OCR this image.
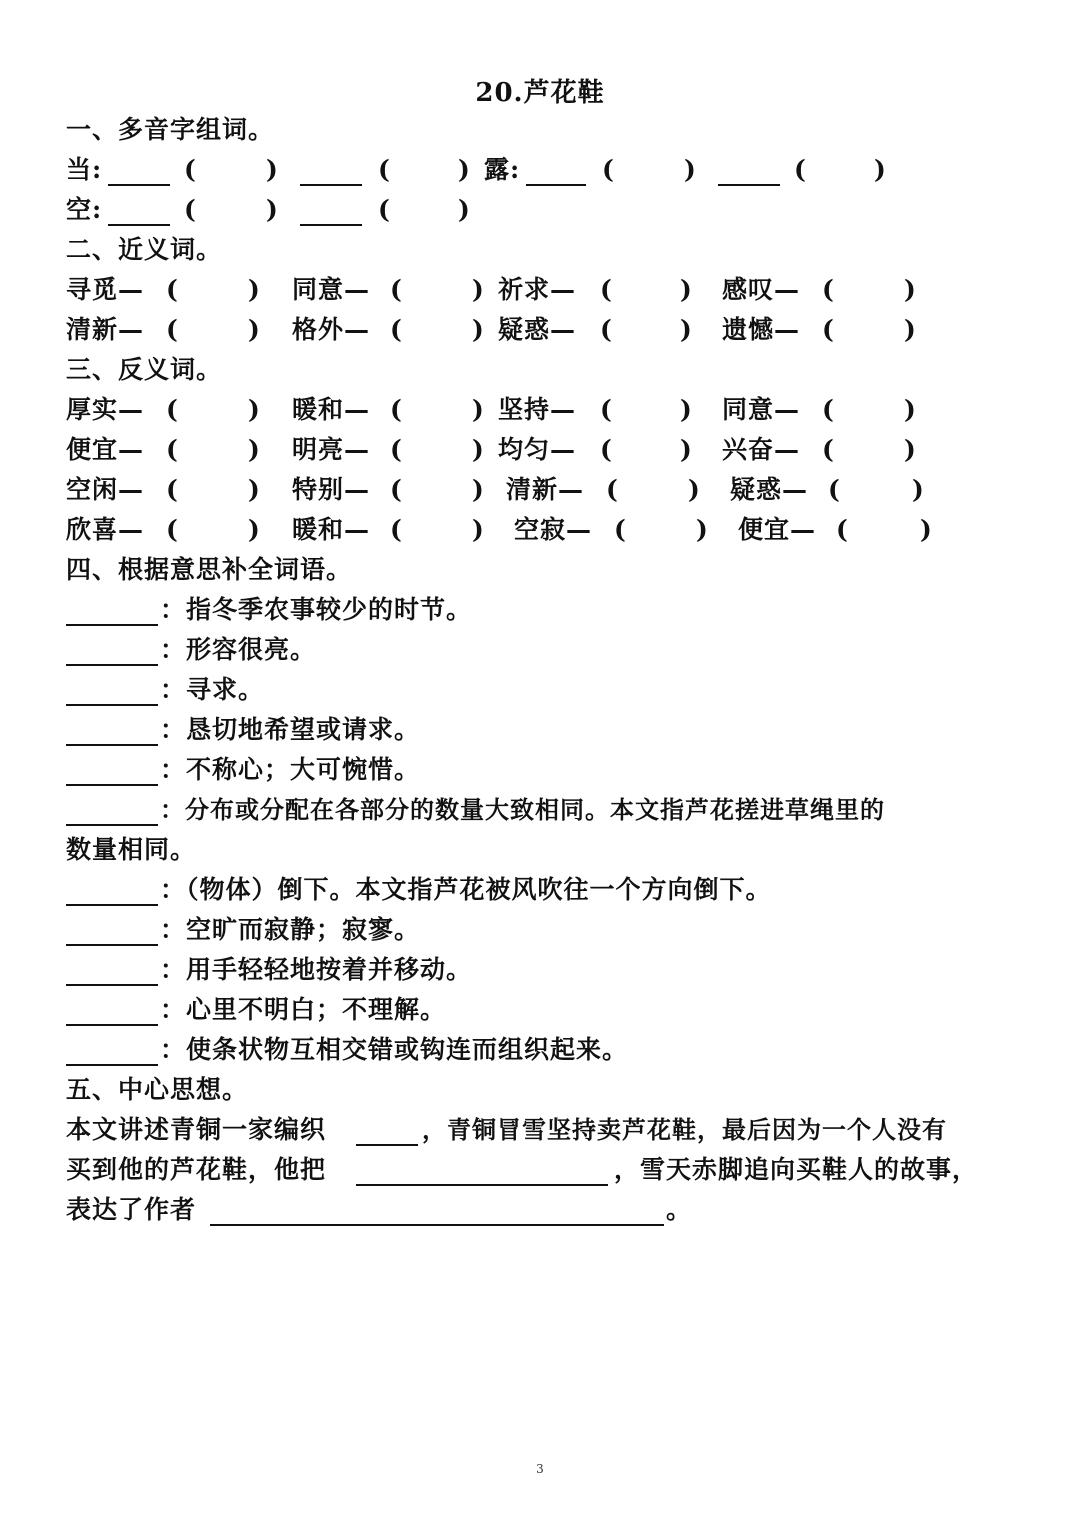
20.芦花鞋
一、多音字组词。
当:	(	)	(	) 露:	(	)	(	)
空:	(	)	(	)
二、近义词。
寻觅— (	) 同意— (	) 祈求— (	) 感叹— (	)
清新— (	) 格外— (	) 疑惑— (	) 遗憾— (	)
三、反义词。
厚实— (	) 暖和— (	) 坚持— (	) 同意— (	)
便宜— (	) 明亮— (	) 均匀— (	) 兴奋— (	)
空闲— (	) 特别— (	) 清新— (	) 疑惑— (	)
欣喜— (	) 暖和— (	) 空寂— (	) 便宜— (	)
四、根据意思补全词语。
：指冬季农事较少的时节。
：形容很亮。
：寻求。
：恳切地希望或请求。
：不称心；大可惋惜。
：分布或分配在各部分的数量大致相同。本文指芦花搓进草绳里的
数量相同。
：（物体）倒下。本文指芦花被风吹往一个方向倒下。
：空旷而寂静；寂寥。
：用手轻轻地按着并移动。
：心里不明白；不理解。
：使条状物互相交错或钩连而组织起来。
五、中心思想。
本文讲述青铜一家编织	，青铜冒雪坚持卖芦花鞋，最后因为一个人没有
买到他的芦花鞋，他把	，雪天赤脚追向买鞋人的故事，
表达了作者	。
3
